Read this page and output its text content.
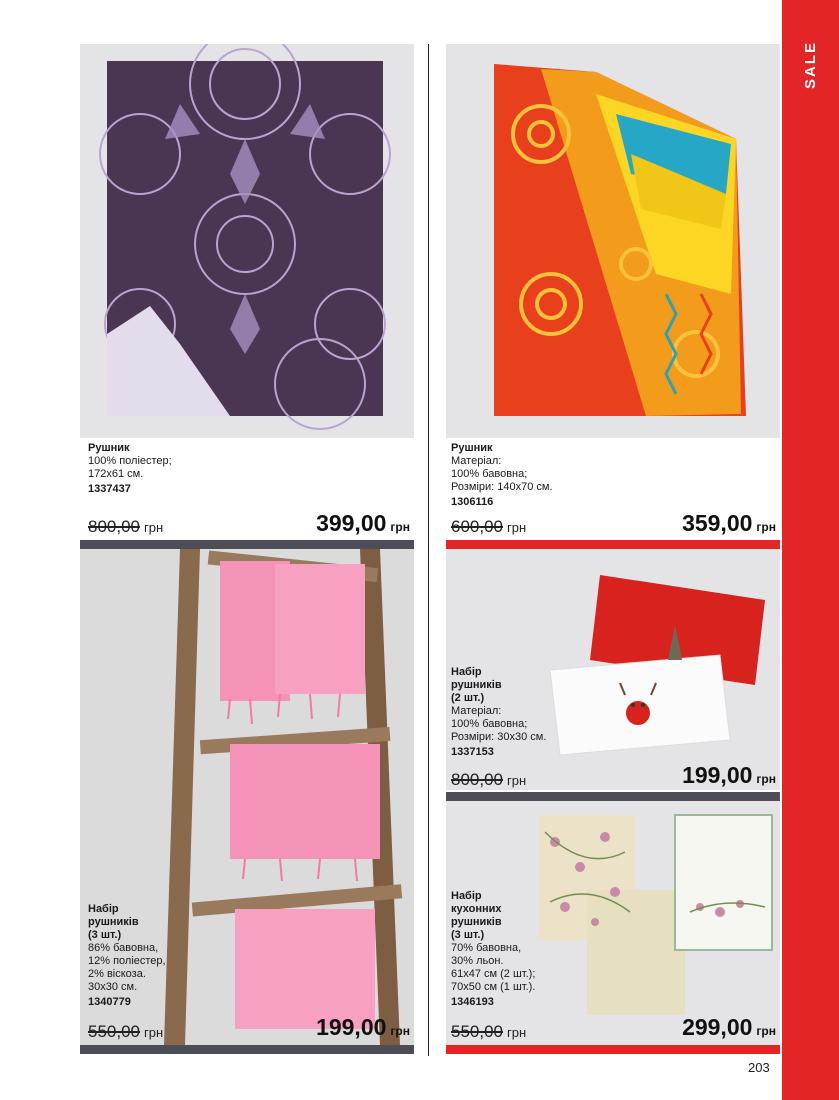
SALE
Рушник
100% поліестер;
172x61 см.
1337437
800,00 грн	399,00 грн
Рушник
Матеріал:
100% бавовна;
Розміри: 140x70 см.
1306116
600,00 грн	359,00 грн
Набір
рушників
(3 шт.)
86% бавовна,
12% поліестер,
2% віскоза.
30x30 см.
1340779
550,00 грн	199,00 грн
Набір
рушників
(2 шт.)
Матеріал:
100% бавовна;
Розміри: 30x30 см.
1337153
800,00 грн	199,00 грн
Набір
кухонних
рушників
(3 шт.)
70% бавовна,
30% льон.
61x47 см (2 шт.);
70x50 см (1 шт.).
1346193
550,00 грн	299,00 грн
203
